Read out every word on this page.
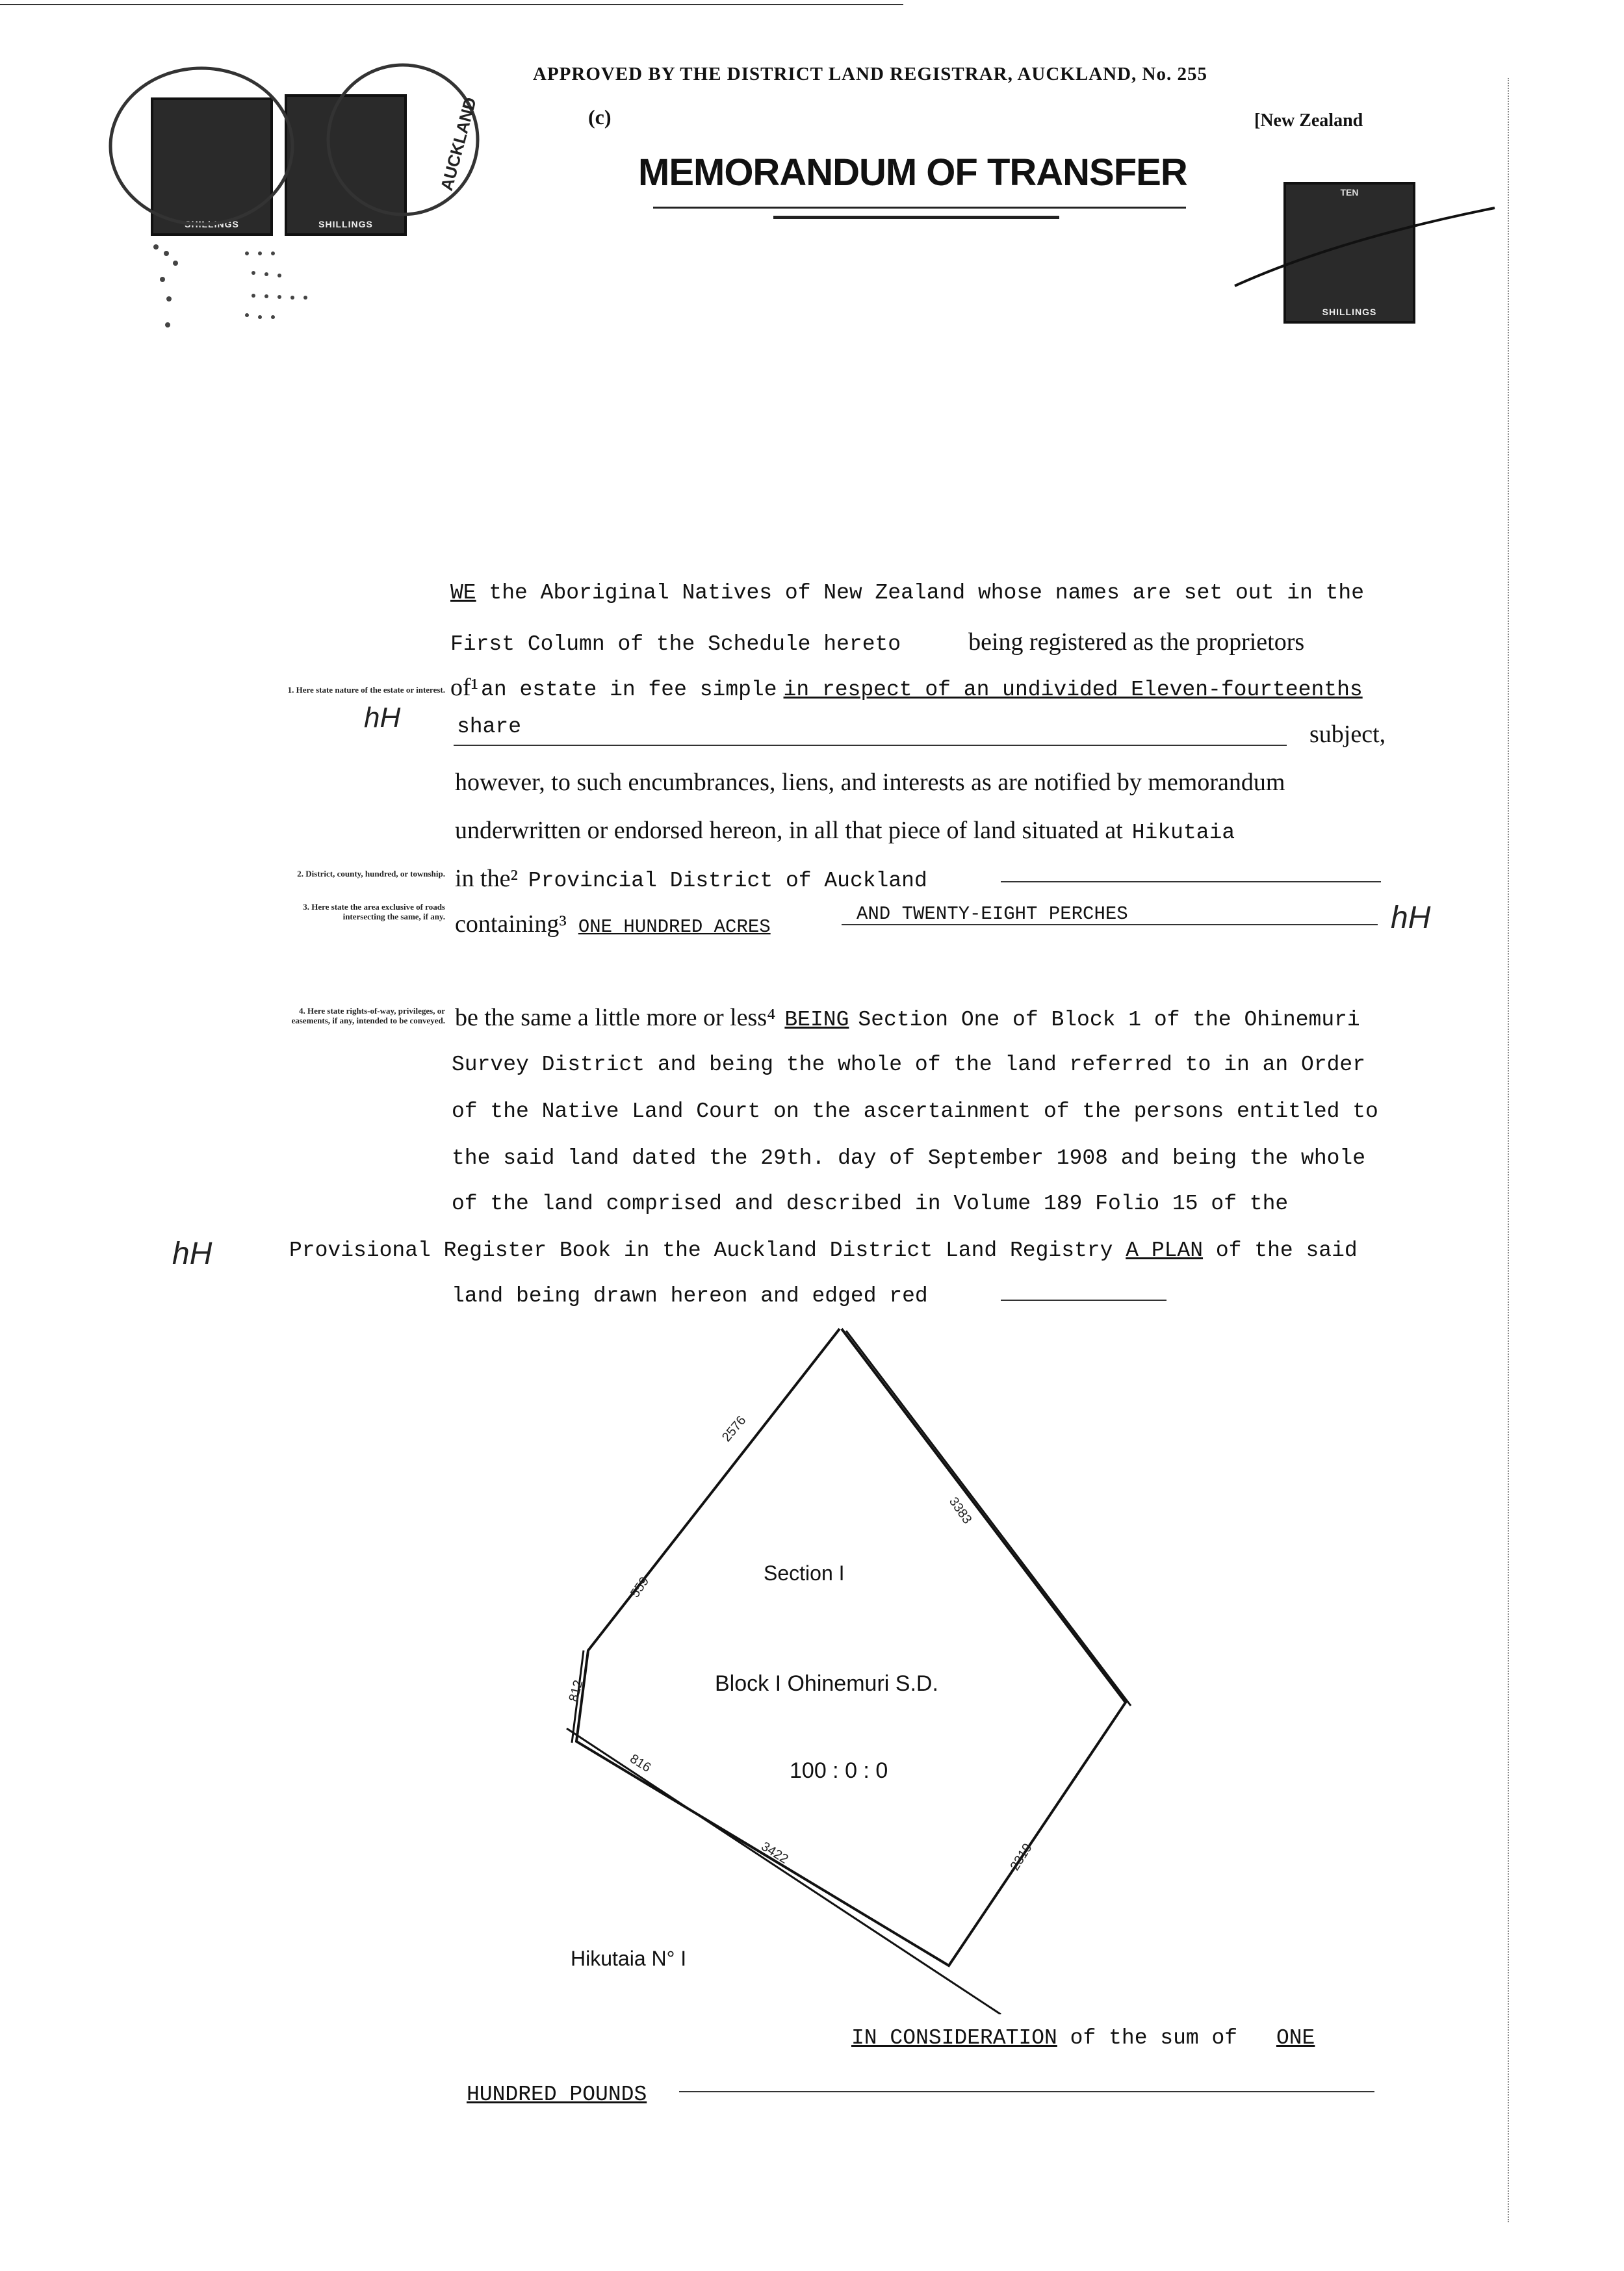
APPROVED BY THE DISTRICT LAND REGISTRAR, AUCKLAND, No. 255
(c)	[New Zealand
MEMORANDUM OF TRANSFER
SHILLINGS	SHILLINGS
AUCKLAND	TEN
SHILLINGS
1. Here state nature of the estate or interest.
2. District, county, hundred, or township.
3. Here state the area exclusive of roads intersecting the same, if any.
4. Here state rights-of-way, privileges, or easements, if any, intended to be conveyed.
hH
hH
hH
WE the Aboriginal Natives of New Zealand whose names are set out in the
First Column of the Schedule hereto	being registered as the proprietors
of¹ an estate in fee simple in respect of an undivided Eleven-fourteenths
share	subject,
however, to such encumbrances, liens, and interests as are notified by memorandum
underwritten or endorsed hereon, in all that piece of land situated at Hikutaia
in the² Provincial District of Auckland
containing³ ONE HUNDRED ACRES
AND TWENTY-EIGHT PERCHES
be the same a little more or less⁴ BEING Section One of Block 1 of the Ohinemuri
Survey District and being the whole of the land referred to in an Order
of the Native Land Court on the ascertainment of the persons entitled to
the said land dated the 29th. day of September 1908 and being the whole
of the land comprised and described in Volume 189 Folio 15 of the
Provisional Register Book in the Auckland District Land Registry A PLAN of the said
land being drawn hereon and edged red
2576
3383
559
812
816
3422	2319
Section I
Block I Ohinemuri S.D.
100 : 0 : 0
Hikutaia N° I
IN CONSIDERATION of the sum of ONE
HUNDRED POUNDS
